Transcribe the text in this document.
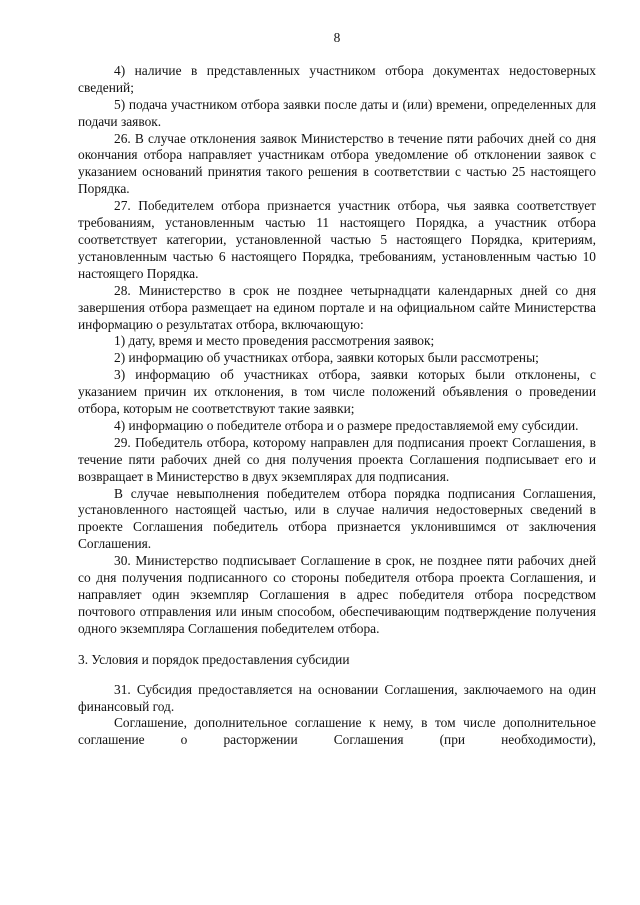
8

4) наличие в представленных участником отбора документах недостоверных сведений;

5) подача участником отбора заявки после даты и (или) времени, определенных для подачи заявок.

26. В случае отклонения заявок Министерство в течение пяти рабочих дней со дня окончания отбора направляет участникам отбора уведомление об отклонении заявок с указанием оснований принятия такого решения в соответствии с частью 25 настоящего Порядка.

27. Победителем отбора признается участник отбора, чья заявка соответствует требованиям, установленным частью 11 настоящего Порядка, а участник отбора соответствует категории, установленной частью 5 настоящего Порядка, критериям, установленным частью 6 настоящего Порядка, требованиям, установленным частью 10 настоящего Порядка.

28. Министерство в срок не позднее четырнадцати календарных дней со дня завершения отбора размещает на едином портале и на официальном сайте Министерства информацию о результатах отбора, включающую:

1) дату, время и место проведения рассмотрения заявок;

2) информацию об участниках отбора, заявки которых были рассмотрены;

3) информацию об участниках отбора, заявки которых были отклонены, с указанием причин их отклонения, в том числе положений объявления о проведении отбора, которым не соответствуют такие заявки;

4) информацию о победителе отбора и о размере предоставляемой ему субсидии.

29. Победитель отбора, которому направлен для подписания проект Соглашения, в течение пяти рабочих дней со дня получения проекта Соглашения подписывает его и возвращает в Министерство в двух экземплярах для подписания.

В случае невыполнения победителем отбора порядка подписания Соглашения, установленного настоящей частью, или в случае наличия недостоверных сведений в проекте Соглашения победитель отбора признается уклонившимся от заключения Соглашения.

30. Министерство подписывает Соглашение в срок, не позднее пяти рабочих дней со дня получения подписанного со стороны победителя отбора проекта Соглашения, и направляет один экземпляр Соглашения в адрес победителя отбора посредством почтового отправления или иным способом, обеспечивающим подтверждение получения одного экземпляра Соглашения победителем отбора.

3. Условия и порядок предоставления субсидии

31. Субсидия предоставляется на основании Соглашения, заключаемого на один финансовый год.

Соглашение, дополнительное соглашение к нему, в том числе дополнительное соглашение о расторжении Соглашения (при необходимости),
